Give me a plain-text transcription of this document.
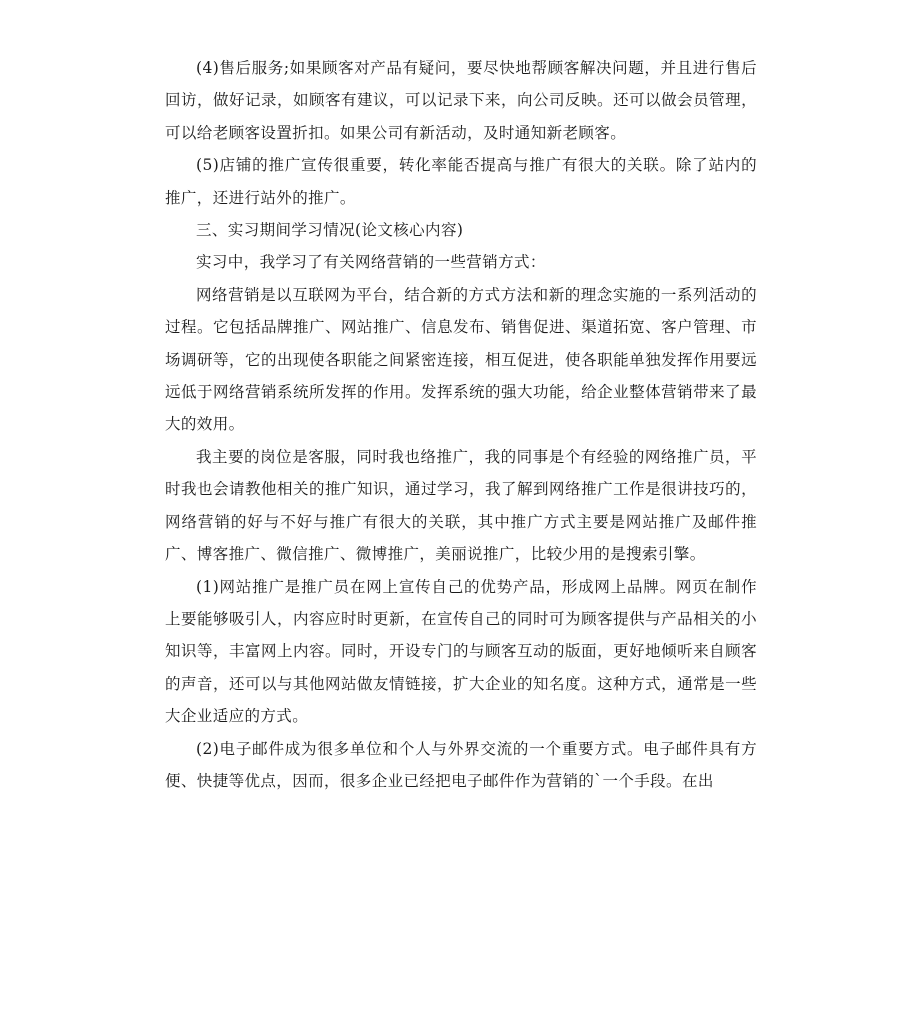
(4)售后服务;如果顾客对产品有疑问，要尽快地帮顾客解决问题，并且进行售后回访，做好记录，如顾客有建议，可以记录下来，向公司反映。还可以做会员管理，可以给老顾客设置折扣。如果公司有新活动，及时通知新老顾客。

(5)店铺的推广宣传很重要，转化率能否提高与推广有很大的关联。除了站内的推广，还进行站外的推广。

三、实习期间学习情况(论文核心内容)

实习中，我学习了有关网络营销的一些营销方式：

网络营销是以互联网为平台，结合新的方式方法和新的理念实施的一系列活动的过程。它包括品牌推广、网站推广、信息发布、销售促进、渠道拓宽、客户管理、市场调研等，它的出现使各职能之间紧密连接，相互促进，使各职能单独发挥作用要远远低于网络营销系统所发挥的作用。发挥系统的强大功能，给企业整体营销带来了最大的效用。

我主要的岗位是客服，同时我也络推广，我的同事是个有经验的网络推广员，平时我也会请教他相关的推广知识，通过学习，我了解到网络推广工作是很讲技巧的，网络营销的好与不好与推广有很大的关联，其中推广方式主要是网站推广及邮件推广、博客推广、微信推广、微博推广，美丽说推广，比较少用的是搜索引擎。

(1)网站推广是推广员在网上宣传自己的优势产品，形成网上品牌。网页在制作上要能够吸引人，内容应时时更新，在宣传自己的同时可为顾客提供与产品相关的小知识等，丰富网上内容。同时，开设专门的与顾客互动的版面，更好地倾听来自顾客的声音，还可以与其他网站做友情链接，扩大企业的知名度。这种方式，通常是一些大企业适应的方式。

(2)电子邮件成为很多单位和个人与外界交流的一个重要方式。电子邮件具有方便、快捷等优点，因而，很多企业已经把电子邮件作为营销的`一个手段。在出
